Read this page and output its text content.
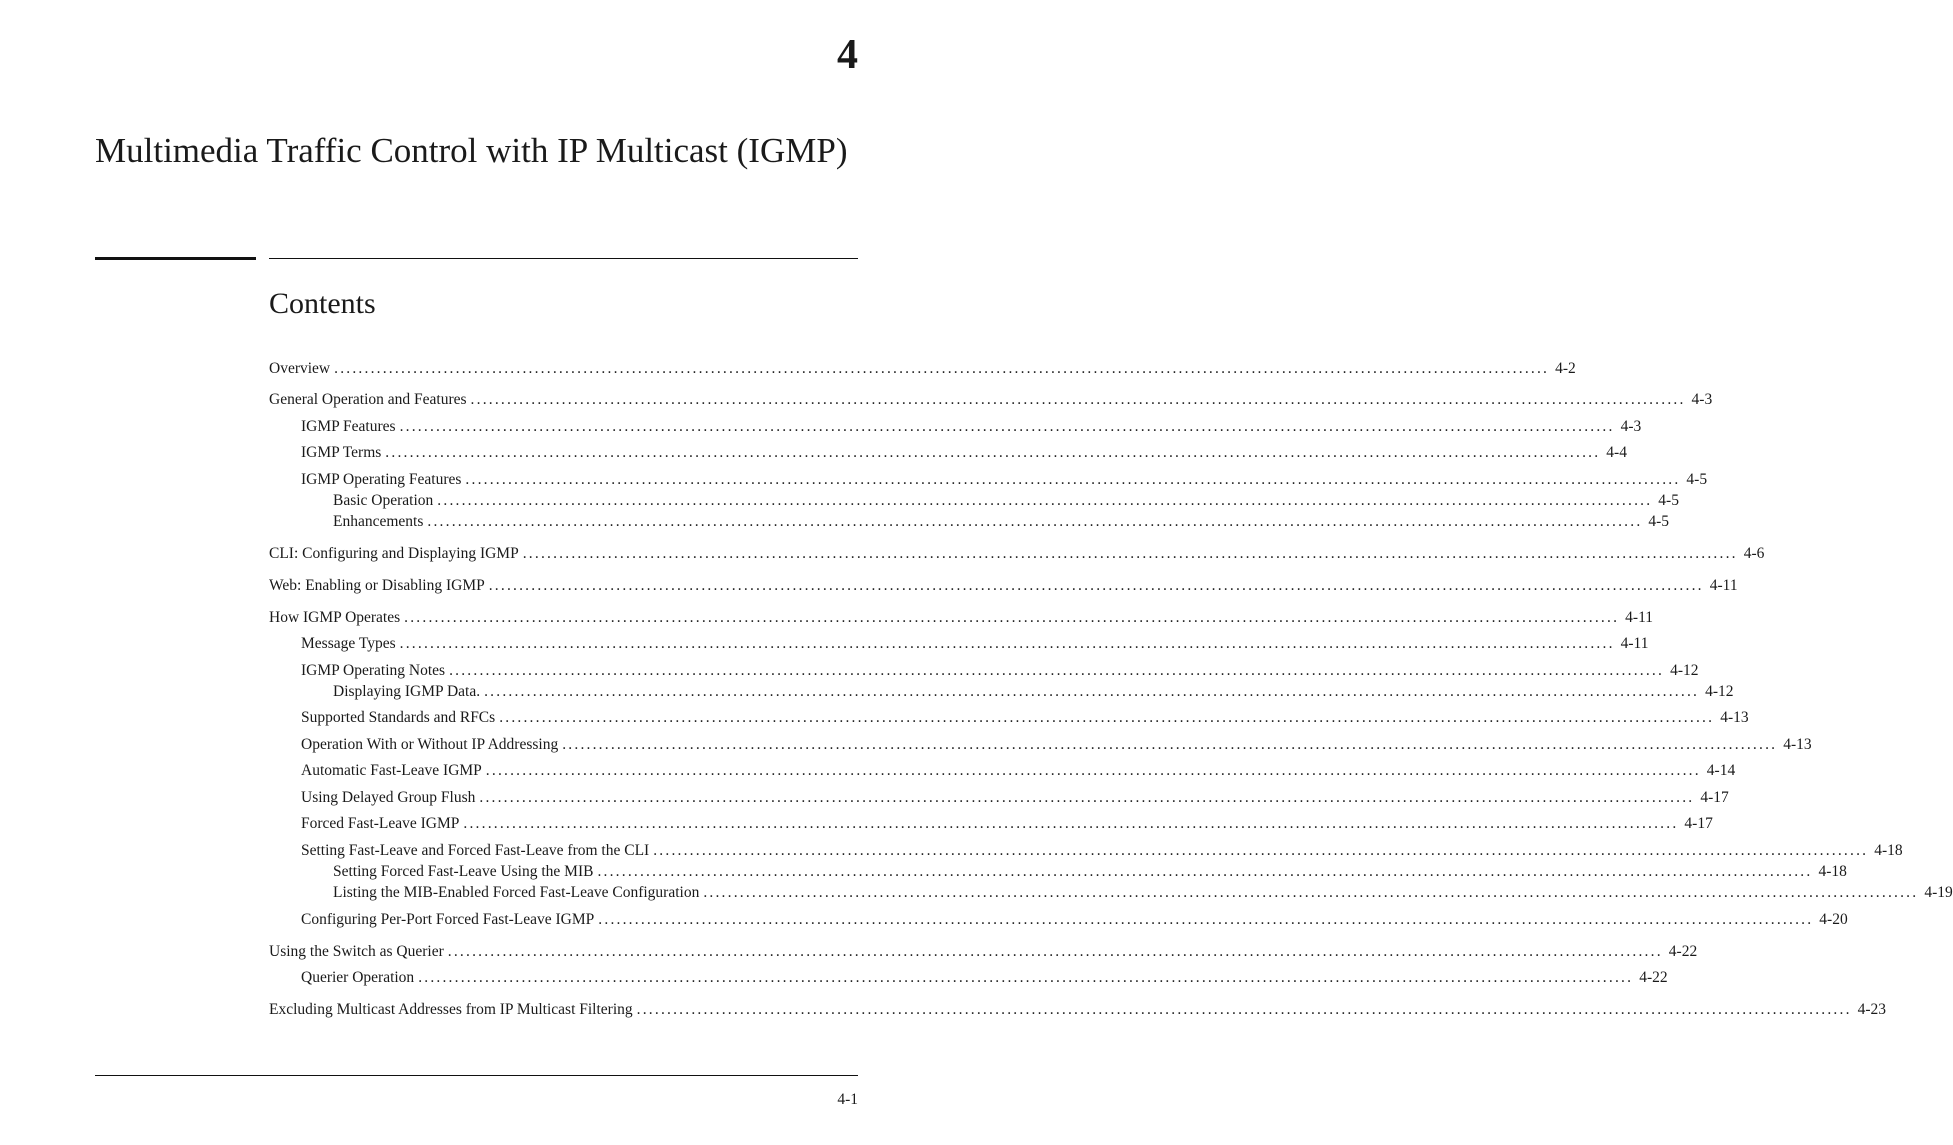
4
Multimedia Traffic Control with IP Multicast (IGMP)
Contents
Overview ........................................................................................................................................................................................................ 4-2
General Operation and Features ........................................................................................................................................................................................................ 4-3
IGMP Features ........................................................................................................................................................................................................ 4-3
IGMP Terms ........................................................................................................................................................................................................ 4-4
IGMP Operating Features ........................................................................................................................................................................................................ 4-5
Basic Operation ........................................................................................................................................................................................................ 4-5
Enhancements ........................................................................................................................................................................................................ 4-5
CLI: Configuring and Displaying IGMP ........................................................................................................................................................................................................ 4-6
Web: Enabling or Disabling IGMP ........................................................................................................................................................................................................ 4-11
How IGMP Operates ........................................................................................................................................................................................................ 4-11
Message Types ........................................................................................................................................................................................................ 4-11
IGMP Operating Notes ........................................................................................................................................................................................................ 4-12
Displaying IGMP Data. ........................................................................................................................................................................................................ 4-12
Supported Standards and RFCs ........................................................................................................................................................................................................ 4-13
Operation With or Without IP Addressing ........................................................................................................................................................................................................ 4-13
Automatic Fast-Leave IGMP ........................................................................................................................................................................................................ 4-14
Using Delayed Group Flush ........................................................................................................................................................................................................ 4-17
Forced Fast-Leave IGMP ........................................................................................................................................................................................................ 4-17
Setting Fast-Leave and Forced Fast-Leave from the CLI ........................................................................................................................................................................................................ 4-18
Setting Forced Fast-Leave Using the MIB ........................................................................................................................................................................................................ 4-18
Listing the MIB-Enabled Forced Fast-Leave Configuration ........................................................................................................................................................................................................ 4-19
Configuring Per-Port Forced Fast-Leave IGMP ........................................................................................................................................................................................................ 4-20
Using the Switch as Querier ........................................................................................................................................................................................................ 4-22
Querier Operation ........................................................................................................................................................................................................ 4-22
Excluding Multicast Addresses from IP Multicast Filtering ........................................................................................................................................................................................................ 4-23
4-1
